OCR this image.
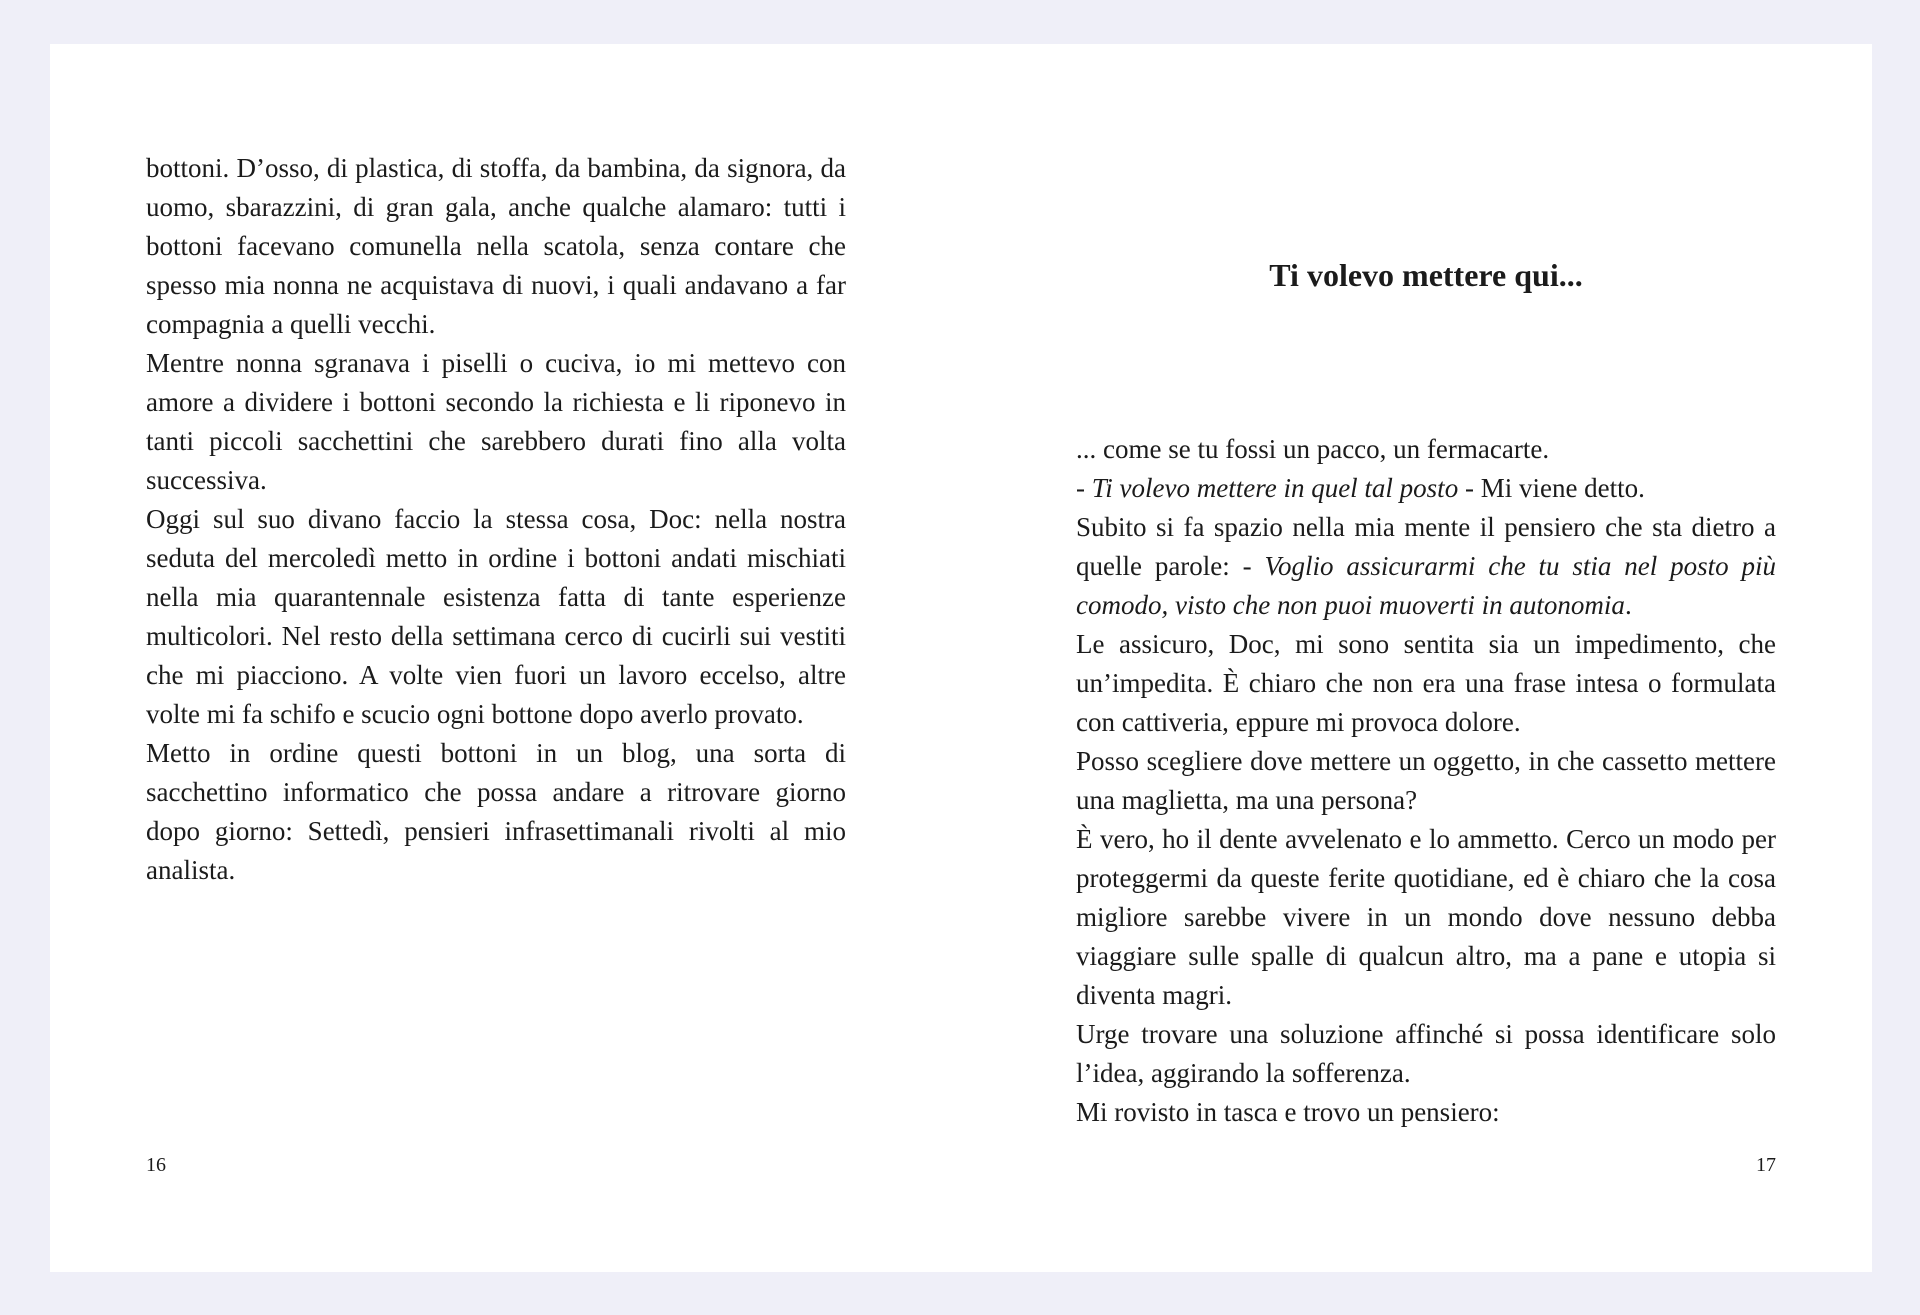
bottoni. D’osso, di plastica, di stoffa, da bambina, da signora, da uomo, sbarazzini, di gran gala, anche qualche alamaro: tutti i bottoni facevano comunella nella scatola, senza contare che spesso mia nonna ne acquistava di nuovi, i quali andavano a far compagnia a quelli vecchi.

Mentre nonna sgranava i piselli o cuciva, io mi mettevo con amore a dividere i bottoni secondo la richiesta e li riponevo in tanti piccoli sacchettini che sarebbero durati fino alla volta successiva.

Oggi sul suo divano faccio la stessa cosa, Doc: nella nostra seduta del mercoledì metto in ordine i bottoni andati mischiati nella mia quarantennale esistenza fatta di tante esperienze multicolori. Nel resto della settimana cerco di cucirli sui vestiti che mi piacciono. A volte vien fuori un lavoro eccelso, altre volte mi fa schifo e scucio ogni bottone dopo averlo provato.

Metto in ordine questi bottoni in un blog, una sorta di sacchettino informatico che possa andare a ritrovare giorno dopo giorno: Settedì, pensieri infrasettimanali rivolti al mio analista.

16
Ti volevo mettere qui...

... come se tu fossi un pacco, un fermacarte.

- Ti volevo mettere in quel tal posto - Mi viene detto.

Subito si fa spazio nella mia mente il pensiero che sta dietro a quelle parole: - Voglio assicurarmi che tu stia nel posto più comodo, visto che non puoi muoverti in autonomia.

Le assicuro, Doc, mi sono sentita sia un impedimento, che un’impedita. È chiaro che non era una frase intesa o formulata con cattiveria, eppure mi provoca dolore.

Posso scegliere dove mettere un oggetto, in che cassetto mettere una maglietta, ma una persona?

È vero, ho il dente avvelenato e lo ammetto. Cerco un modo per proteggermi da queste ferite quotidiane, ed è chiaro che la cosa migliore sarebbe vivere in un mondo dove nessuno debba viaggiare sulle spalle di qualcun altro, ma a pane e utopia si diventa magri.

Urge trovare una soluzione affinché si possa identificare solo l’idea, aggirando la sofferenza.

Mi rovisto in tasca e trovo un pensiero:

17
